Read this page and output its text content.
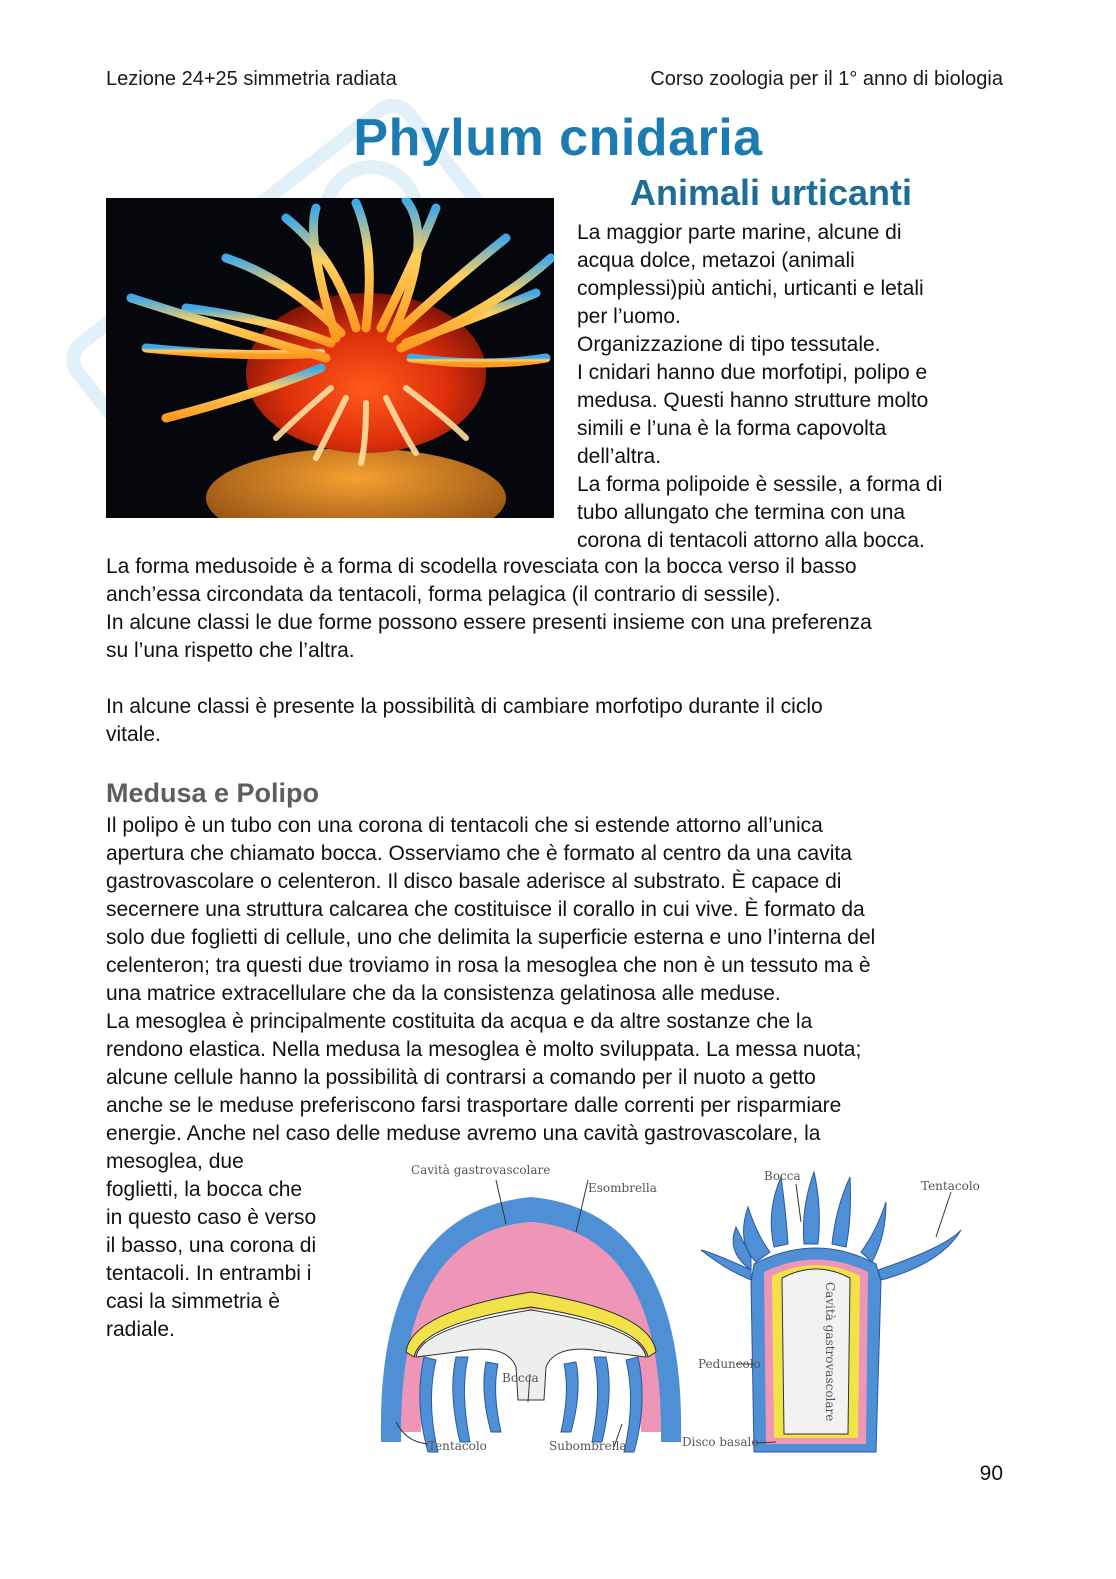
Lezione 24+25 simmetria radiata	Corso zoologia per il 1° anno di biologia
Phylum cnidaria
Animali urticanti

La maggior parte marine, alcune di

acqua dolce, metazoi (animali

complessi)più antichi, urticanti e letali

per l’uomo.

Organizzazione di tipo tessutale.

I cnidari hanno due morfotipi, polipo e

medusa. Questi hanno strutture molto

simili e l’una è la forma capovolta

dell’altra.

La forma polipoide è sessile, a forma di

tubo allungato che termina con una

corona di tentacoli attorno alla bocca.

La forma medusoide è a forma di scodella rovesciata con la bocca verso il basso

anch’essa circondata da tentacoli, forma pelagica (il contrario di sessile).

In alcune classi le due forme possono essere presenti insieme con una preferenza

su l’una rispetto che l’altra.

In alcune classi è presente la possibilità di cambiare morfotipo durante il ciclo

vitale.

Medusa e Polipo

Il polipo è un tubo con una corona di tentacoli che si estende attorno all’unica

apertura che chiamato bocca. Osserviamo che è formato al centro da una cavita

gastrovascolare o celenteron. Il disco basale aderisce al substrato. È capace di

secernere una struttura calcarea che costituisce il corallo in cui vive. È formato da

solo due foglietti di cellule, uno che delimita la superficie esterna e uno l’interna del

celenteron; tra questi due troviamo in rosa la mesoglea che non è un tessuto ma è

una matrice extracellulare che da la consistenza gelatinosa alle meduse.

La mesoglea è principalmente costituita da acqua e da altre sostanze che la

rendono elastica. Nella medusa la mesoglea è molto sviluppata. La messa nuota;

alcune cellule hanno la possibilità di contrarsi a comando per il nuoto a getto

anche se le meduse preferiscono farsi trasportare dalle correnti per risparmiare

energie. Anche nel caso delle meduse avremo una cavità gastrovascolare, la

mesoglea, due

foglietti, la bocca che

in questo caso è verso

il basso, una corona di

tentacoli. In entrambi i

casi la simmetria è

radiale.

Cavità gastrovascolare
Esombrella
Bocca
Tentacolo	Subombrella
Bocca
Tentacolo
Cavità gastrovascolare
Peduncolo
Disco basale
90
